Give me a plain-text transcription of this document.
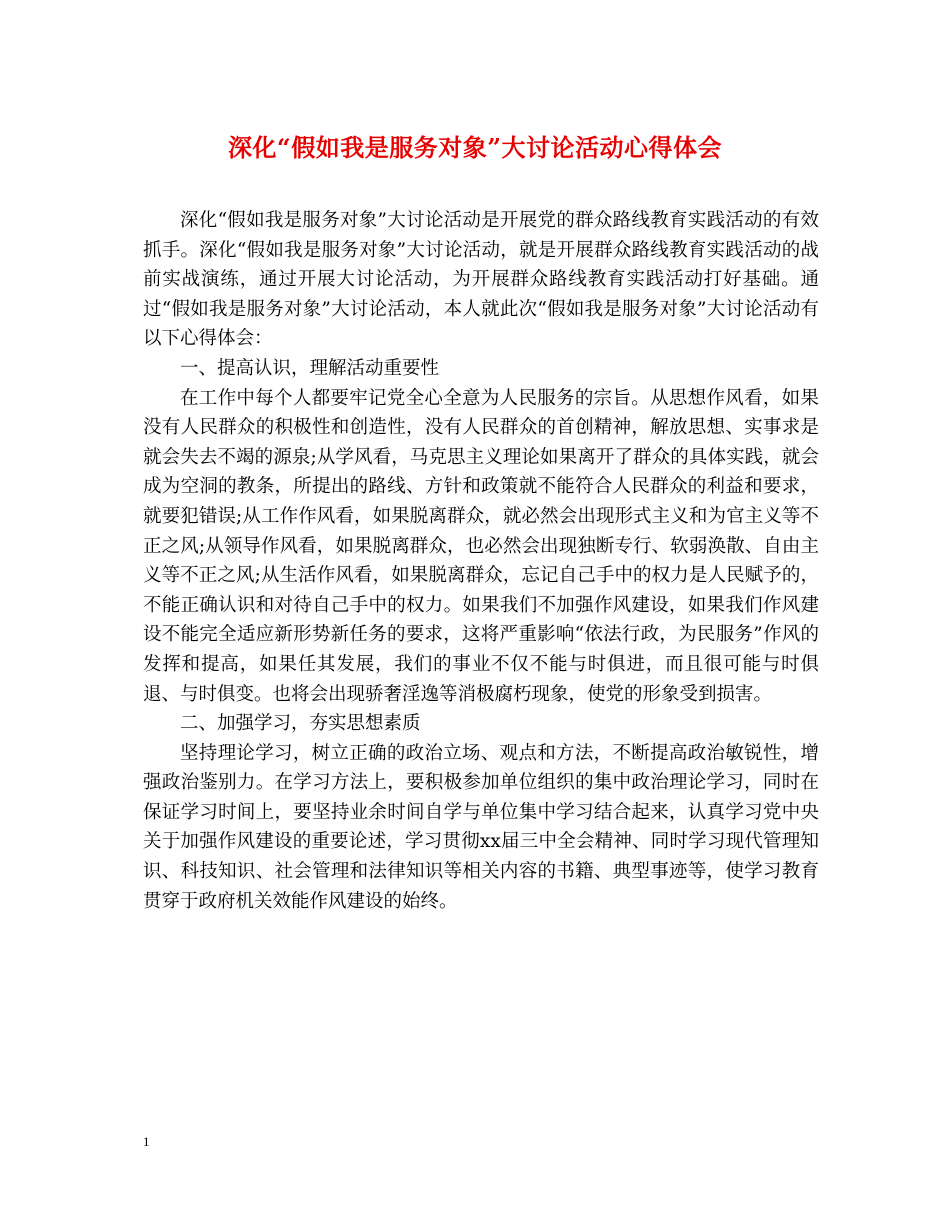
深化“假如我是服务对象”大讨论活动心得体会

深化“假如我是服务对象”大讨论活动是开展党的群众路线教育实践活动的有效抓手。深化“假如我是服务对象”大讨论活动，就是开展群众路线教育实践活动的战前实战演练，通过开展大讨论活动，为开展群众路线教育实践活动打好基础。通过“假如我是服务对象”大讨论活动，本人就此次“假如我是服务对象”大讨论活动有以下心得体会：

一、提高认识，理解活动重要性

在工作中每个人都要牢记党全心全意为人民服务的宗旨。从思想作风看，如果没有人民群众的积极性和创造性，没有人民群众的首创精神，解放思想、实事求是就会失去不竭的源泉;从学风看，马克思主义理论如果离开了群众的具体实践，就会成为空洞的教条，所提出的路线、方针和政策就不能符合人民群众的利益和要求，就要犯错误;从工作作风看，如果脱离群众，就必然会出现形式主义和为官主义等不正之风;从领导作风看，如果脱离群众，也必然会出现独断专行、软弱涣散、自由主义等不正之风;从生活作风看，如果脱离群众，忘记自己手中的权力是人民赋予的，不能正确认识和对待自己手中的权力。如果我们不加强作风建设，如果我们作风建设不能完全适应新形势新任务的要求，这将严重影响“依法行政，为民服务”作风的发挥和提高，如果任其发展，我们的事业不仅不能与时俱进，而且很可能与时俱退、与时俱变。也将会出现骄奢淫逸等消极腐朽现象，使党的形象受到损害。

二、加强学习，夯实思想素质

坚持理论学习，树立正确的政治立场、观点和方法，不断提高政治敏锐性，增强政治鉴别力。在学习方法上，要积极参加单位组织的集中政治理论学习，同时在保证学习时间上，要坚持业余时间自学与单位集中学习结合起来，认真学习党中央关于加强作风建设的重要论述，学习贯彻xx届三中全会精神、同时学习现代管理知识、科技知识、社会管理和法律知识等相关内容的书籍、典型事迹等，使学习教育贯穿于政府机关效能作风建设的始终。

1
